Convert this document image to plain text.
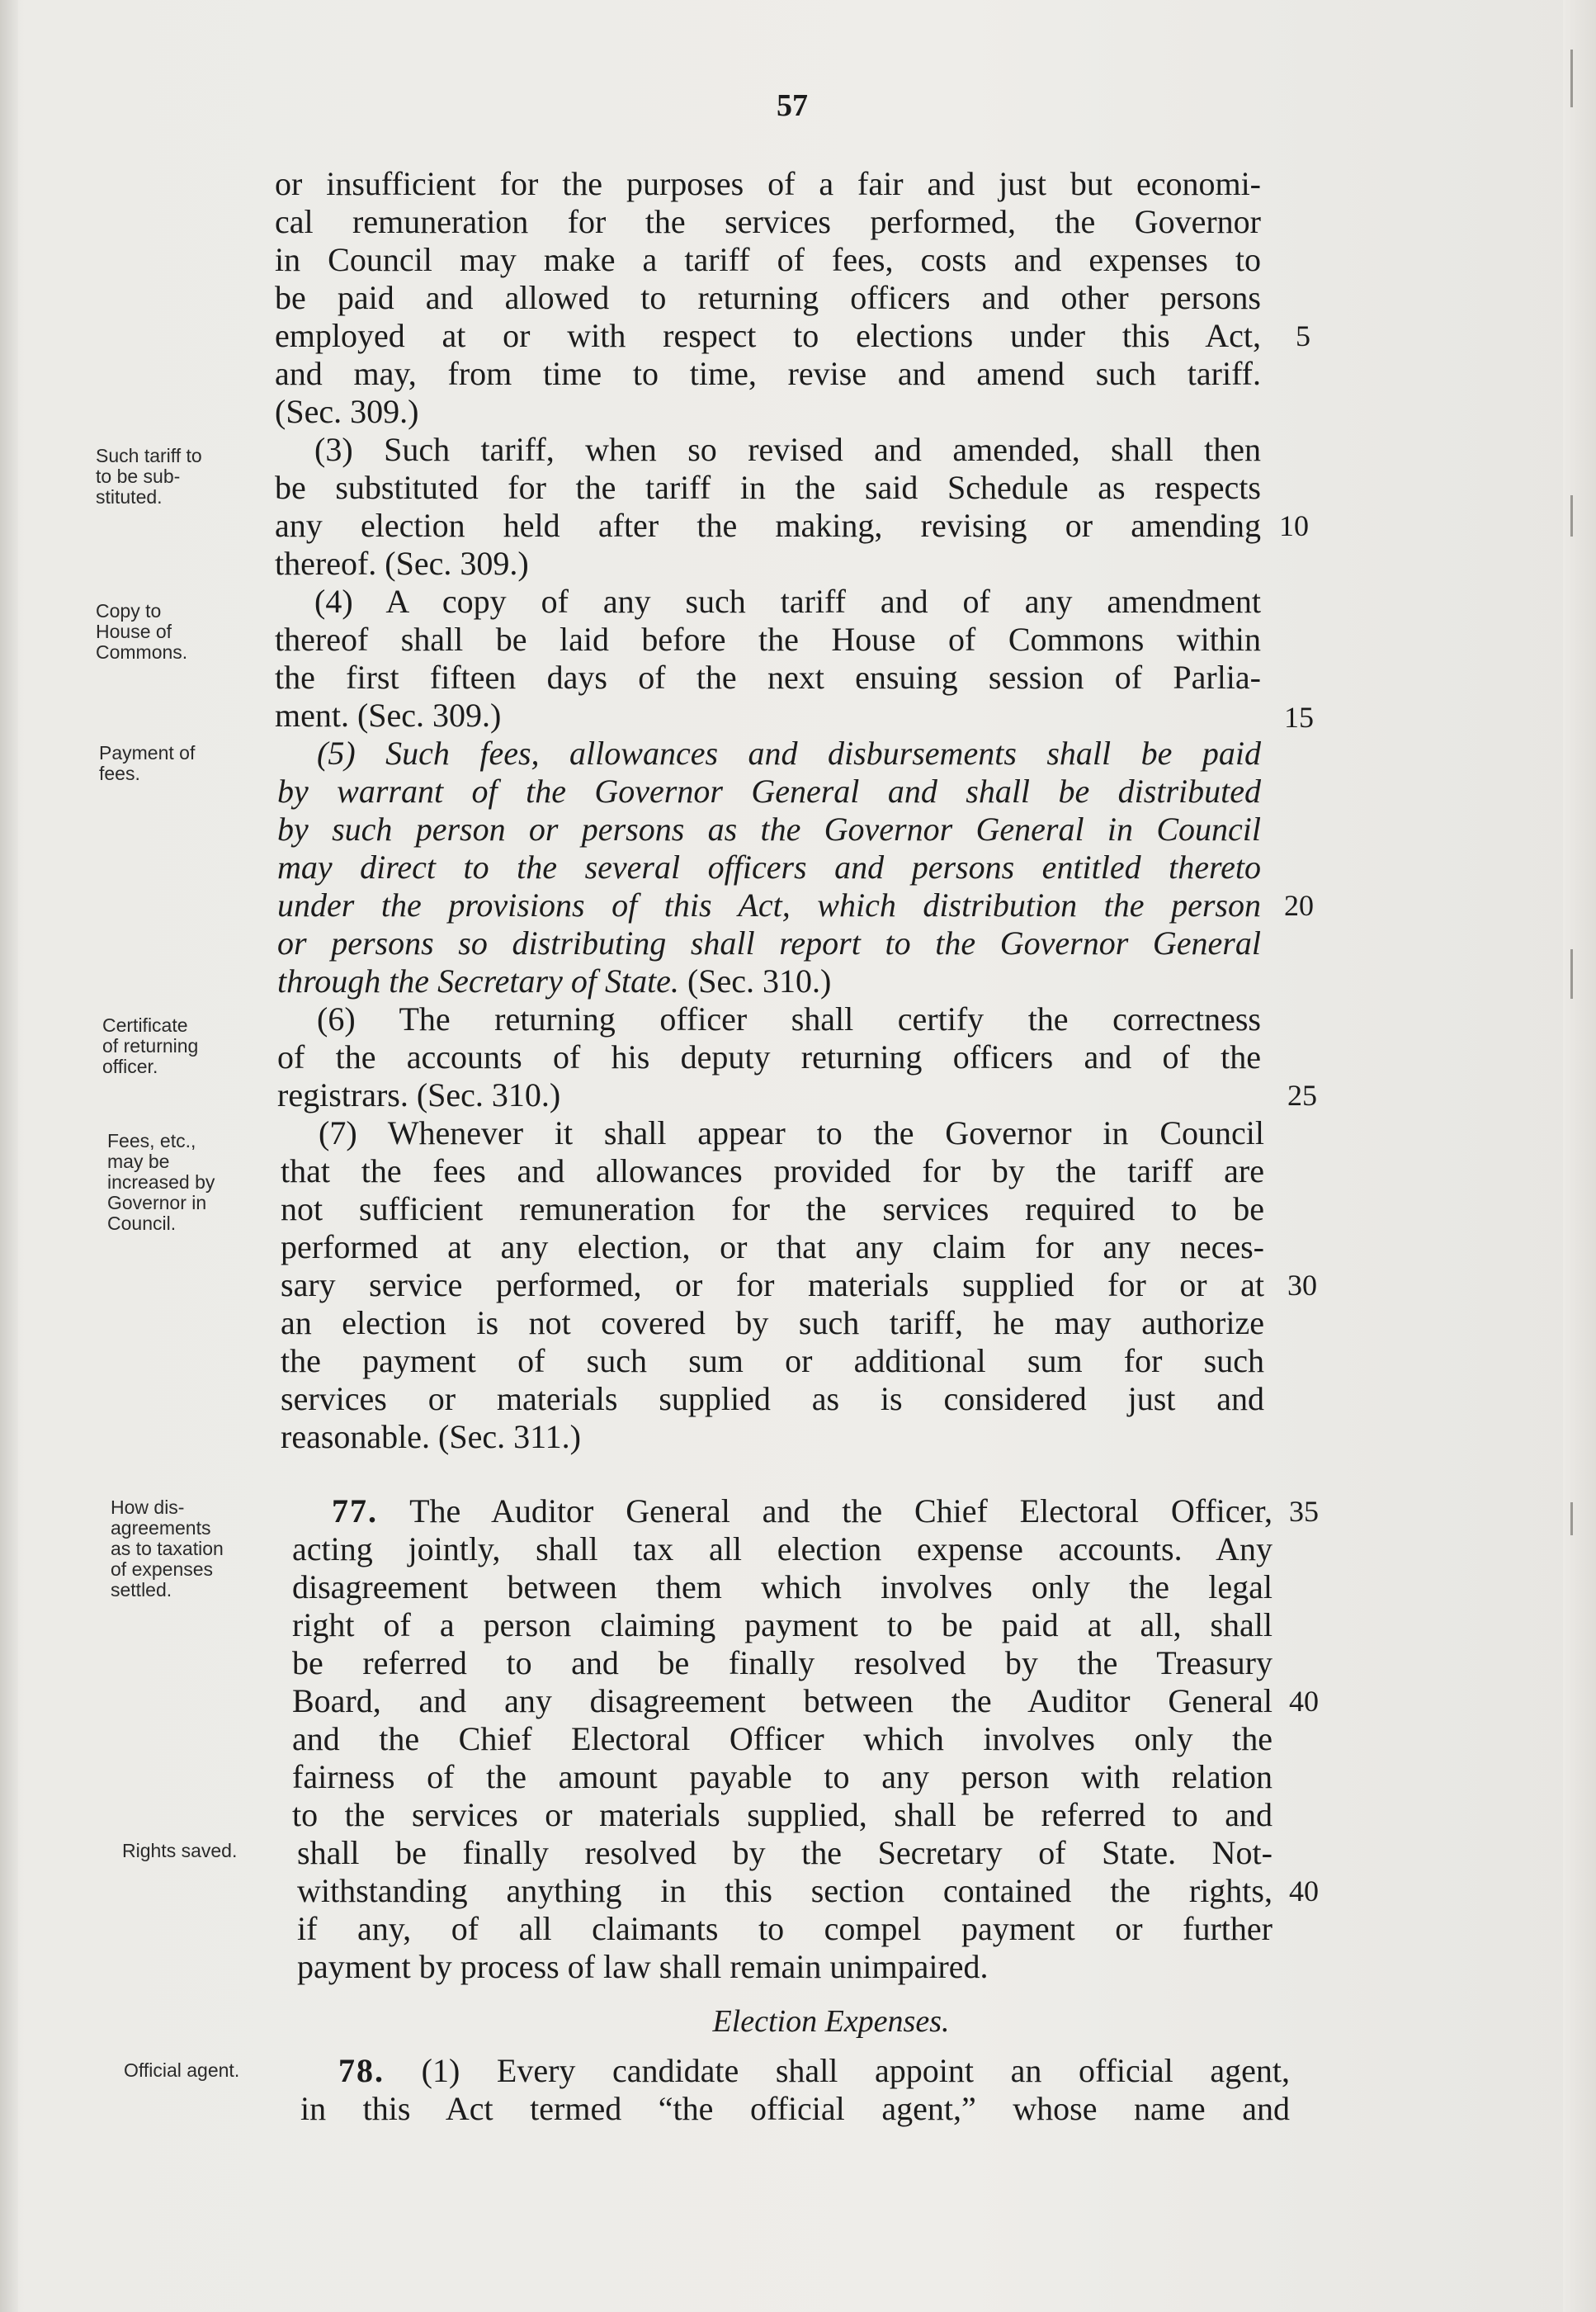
57
or insufficient for the purposes of a fair and just but economi-
cal remuneration for the services performed, the Governor
in Council may make a tariff of fees, costs and expenses to
be paid and allowed to returning officers and other persons
employed at or with respect to elections under this Act,
and may, from time to time, revise and amend such tariff.
(Sec. 309.)
(3) Such tariff, when so revised and amended, shall then
be substituted for the tariff in the said Schedule as respects
any election held after the making, revising or amending
thereof. (Sec. 309.)
(4) A copy of any such tariff and of any amendment
thereof shall be laid before the House of Commons within
the first fifteen days of the next ensuing session of Parlia-
ment. (Sec. 309.)
(5) Such fees, allowances and disbursements shall be paid
by warrant of the Governor General and shall be distributed
by such person or persons as the Governor General in Council
may direct to the several officers and persons entitled thereto
under the provisions of this Act, which distribution the person
or persons so distributing shall report to the Governor General
through the Secretary of State. (Sec. 310.)
(6) The returning officer shall certify the correctness
of the accounts of his deputy returning officers and of the
registrars. (Sec. 310.)
(7) Whenever it shall appear to the Governor in Council
that the fees and allowances provided for by the tariff are
not sufficient remuneration for the services required to be
performed at any election, or that any claim for any neces-
sary service performed, or for materials supplied for or at
an election is not covered by such tariff, he may authorize
the payment of such sum or additional sum for such
services or materials supplied as is considered just and
reasonable. (Sec. 311.)
77. The Auditor General and the Chief Electoral Officer,
acting jointly, shall tax all election expense accounts. Any
disagreement between them which involves only the legal
right of a person claiming payment to be paid at all, shall
be referred to and be finally resolved by the Treasury
Board, and any disagreement between the Auditor General
and the Chief Electoral Officer which involves only the
fairness of the amount payable to any person with relation
to the services or materials supplied, shall be referred to and
shall be finally resolved by the Secretary of State. Not-
withstanding anything in this section contained the rights,
if any, of all claimants to compel payment or further
payment by process of law shall remain unimpaired.
Election Expenses.
78. (1) Every candidate shall appoint an official agent,
in this Act termed “the official agent,” whose name and
5
10
15
20
25
30
35
40
40
Such tariff to
to be sub-
stituted.
Copy to
House of
Commons.
Payment of
fees.
Certificate
of returning
officer.
Fees, etc.,
may be
increased by
Governor in
Council.
How dis-
agreements
as to taxation
of expenses
settled.
Rights saved.
Official agent.
